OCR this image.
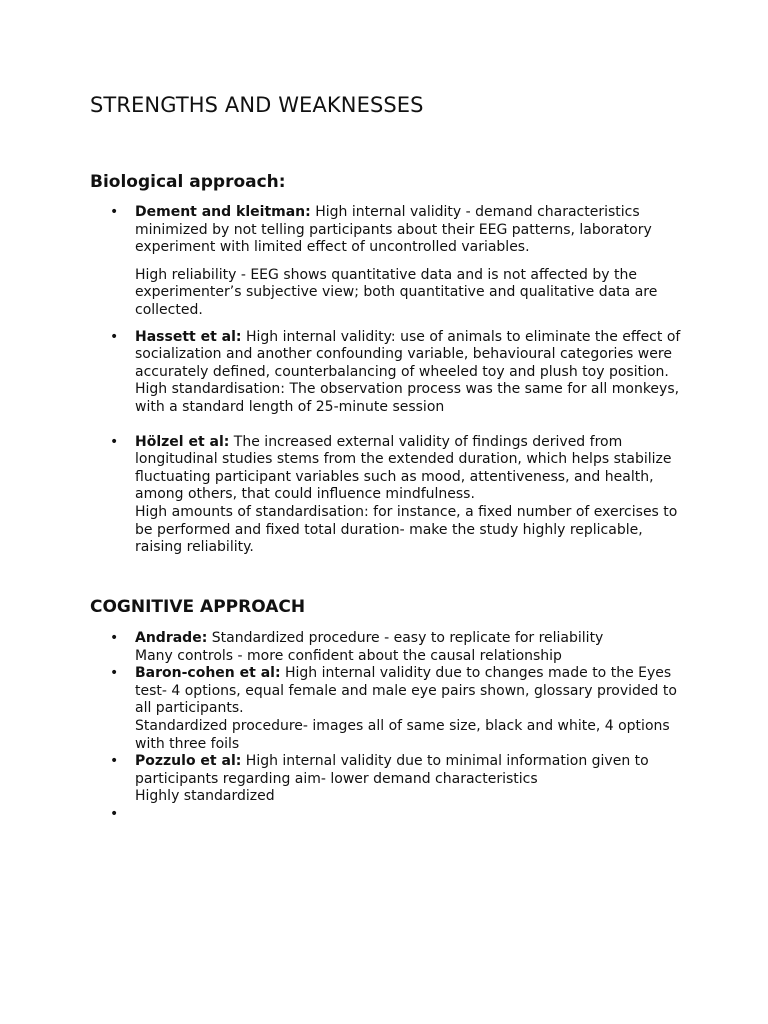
STRENGTHS AND WEAKNESSES
Biological approach:
• Dement and kleitman: High internal validity - demand characteristics minimized by not telling participants about their EEG patterns, laboratory experiment with limited effect of uncontrolled variables.

High reliability - EEG shows quantitative data and is not affected by the experimenter’s subjective view; both quantitative and qualitative data are collected.

• Hassett et al: High internal validity: use of animals to eliminate the effect of socialization and another confounding variable, behavioural categories were accurately defined, counterbalancing of wheeled toy and plush toy position.

High standardisation: The observation process was the same for all monkeys, with a standard length of 25-minute session

• Hölzel et al: The increased external validity of findings derived from longitudinal studies stems from the extended duration, which helps stabilize fluctuating participant variables such as mood, attentiveness, and health, among others, that could influence mindfulness.

High amounts of standardisation: for instance, a fixed number of exercises to be performed and fixed total duration- make the study highly replicable, raising reliability.

COGNITIVE APPROACH
• Andrade: Standardized procedure - easy to replicate for reliability

Many controls - more confident about the causal relationship

• Baron-cohen et al: High internal validity due to changes made to the Eyes test- 4 options, equal female and male eye pairs shown, glossary provided to all participants.

Standardized procedure- images all of same size, black and white, 4 options with three foils

• Pozzulo et al: High internal validity due to minimal information given to participants regarding aim- lower demand characteristics

Highly standardized

•
